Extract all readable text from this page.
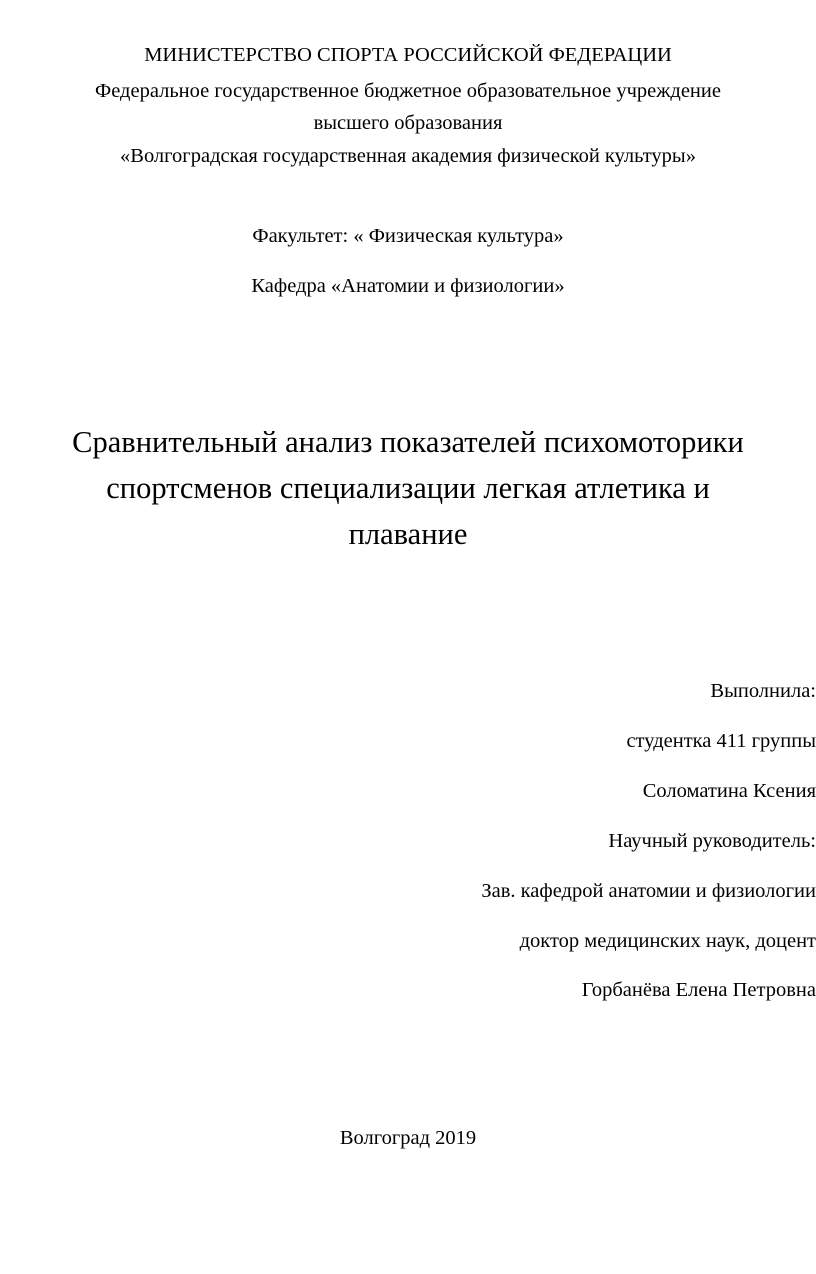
МИНИСТЕРСТВО СПОРТА РОССИЙСКОЙ ФЕДЕРАЦИИ

Федеральное государственное бюджетное образовательное учреждение

высшего образования

«Волгоградская государственная академия физической культуры»

Факультет: « Физическая культура»

Кафедра «Анатомии и физиологии»

Сравнительный анализ показателей психомоторики

спортсменов специализации легкая атлетика и

плавание

Выполнила:

студентка 411 группы

Соломатина Ксения

Научный руководитель:

Зав. кафедрой анатомии и физиологии

доктор медицинских наук, доцент

Горбанёва Елена Петровна

Волгоград 2019
